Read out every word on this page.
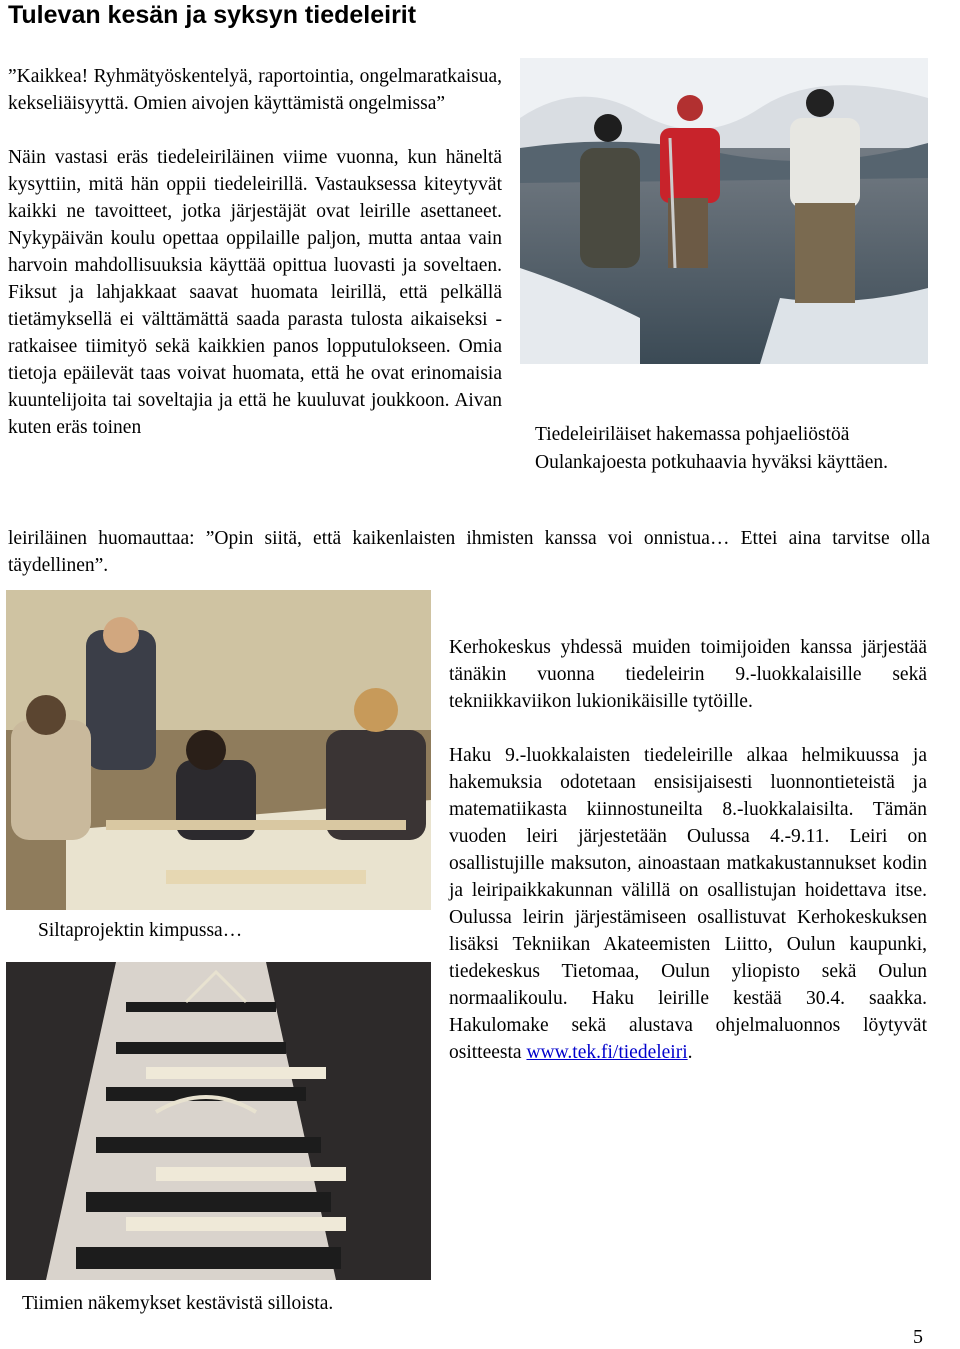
Tulevan kesän ja syksyn tiedeleirit

”Kaikkea! Ryhmätyöskentelyä, raportointia, ongelmaratkaisua, kekseliäisyyttä. Omien aivojen käyttämistä ongelmissa”

Näin vastasi eräs tiedeleiriläinen viime vuonna, kun häneltä kysyttiin, mitä hän oppii tiedeleirillä. Vastauksessa kiteytyvät kaikki ne tavoitteet, jotka järjestäjät ovat leirille asettaneet. Nykypäivän koulu opettaa oppilaille paljon, mutta antaa vain harvoin mahdollisuuksia käyttää opittua luovasti ja soveltaen. Fiksut ja lahjakkaat saavat huomata leirillä, että pelkällä tietämyksellä ei välttämättä saada parasta tulosta aikaiseksi - ratkaisee tiimityö sekä kaikkien panos lopputulokseen. Omia tietoja epäilevät taas voivat huomata, että he ovat erinomaisia kuuntelijoita tai soveltajia ja että he kuuluvat joukkoon. Aivan kuten eräs toinen

leiriläinen huomauttaa: ”Opin siitä, että kaikenlaisten ihmisten kanssa voi onnistua… Ettei aina tarvitse olla täydellinen”.

Tiedeleiriläiset hakemassa pohjaeliöstöä Oulankajoesta potkuhaavia hyväksi käyttäen.

Siltaprojektin kimpussa…

Tiimien näkemykset kestävistä silloista.

Kerhokeskus yhdessä muiden toimijoiden kanssa järjestää tänäkin vuonna tiedeleirin 9.-luokkalaisille sekä tekniikkaviikon lukionikäisille tytöille.

Haku 9.-luokkalaisten tiedeleirille alkaa helmikuussa ja hakemuksia odotetaan ensisijaisesti luonnontieteistä ja matematiikasta kiinnostuneilta 8.-luokkalaisilta. Tämän vuoden leiri järjestetään Oulussa 4.-9.11. Leiri on osallistujille maksuton, ainoastaan matkakustannukset kodin ja leiripaikkakunnan välillä on osallistujan hoidettava itse. Oulussa leirin järjestämiseen osallistuvat Kerhokeskuksen lisäksi Tekniikan Akateemisten Liitto, Oulun kaupunki, tiedekeskus Tietomaa, Oulun yliopisto sekä Oulun normaalikoulu. Haku leirille kestää 30.4. saakka. Hakulomake sekä alustava ohjelmaluonnos löytyvät ositteesta www.tek.fi/tiedeleiri.

5
